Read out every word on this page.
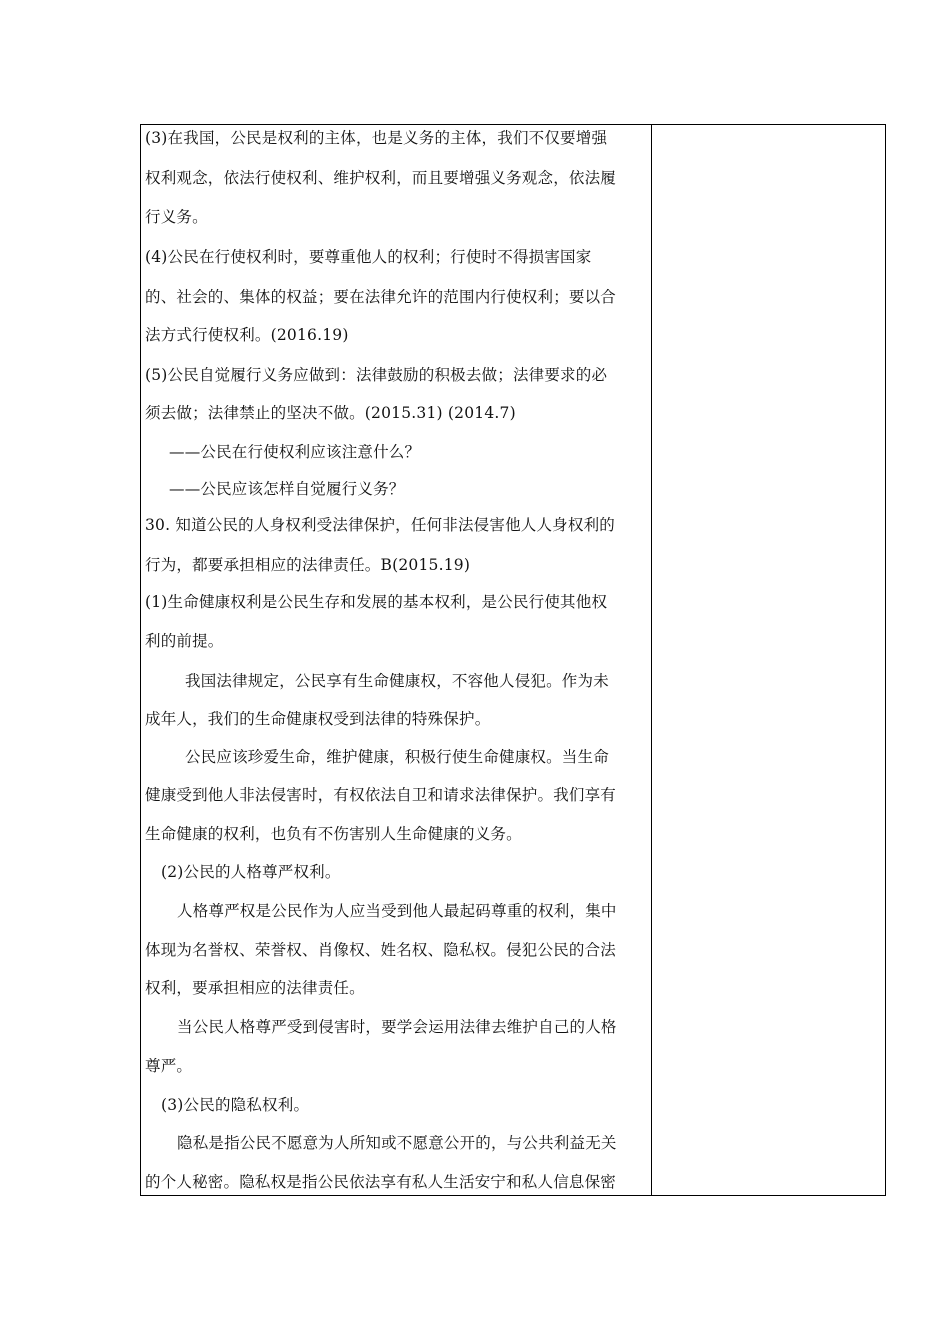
(3)在我国，公民是权利的主体，也是义务的主体，我们不仅要增强
权利观念，依法行使权利、维护权利，而且要增强义务观念，依法履
行义务。
(4)公民在行使权利时，要尊重他人的权利；行使时不得损害国家
的、社会的、集体的权益；要在法律允许的范围内行使权利；要以合
法方式行使权利。(2016.19)
(5)公民自觉履行义务应做到：法律鼓励的积极去做；法律要求的必
须去做；法律禁止的坚决不做。(2015.31) (2014.7)
——公民在行使权利应该注意什么？
——公民应该怎样自觉履行义务？
30. 知道公民的人身权利受法律保护，任何非法侵害他人人身权利的
行为，都要承担相应的法律责任。B(2015.19)
(1)生命健康权利是公民生存和发展的基本权利，是公民行使其他权
利的前提。
我国法律规定，公民享有生命健康权，不容他人侵犯。作为未
成年人，我们的生命健康权受到法律的特殊保护。
公民应该珍爱生命，维护健康，积极行使生命健康权。当生命
健康受到他人非法侵害时，有权依法自卫和请求法律保护。我们享有
生命健康的权利，也负有不伤害别人生命健康的义务。
(2)公民的人格尊严权利。
人格尊严权是公民作为人应当受到他人最起码尊重的权利，集中
体现为名誉权、荣誉权、肖像权、姓名权、隐私权。侵犯公民的合法
权利，要承担相应的法律责任。
当公民人格尊严受到侵害时，要学会运用法律去维护自己的人格
尊严。
(3)公民的隐私权利。
隐私是指公民不愿意为人所知或不愿意公开的，与公共利益无关
的个人秘密。隐私权是指公民依法享有私人生活安宁和私人信息保密
